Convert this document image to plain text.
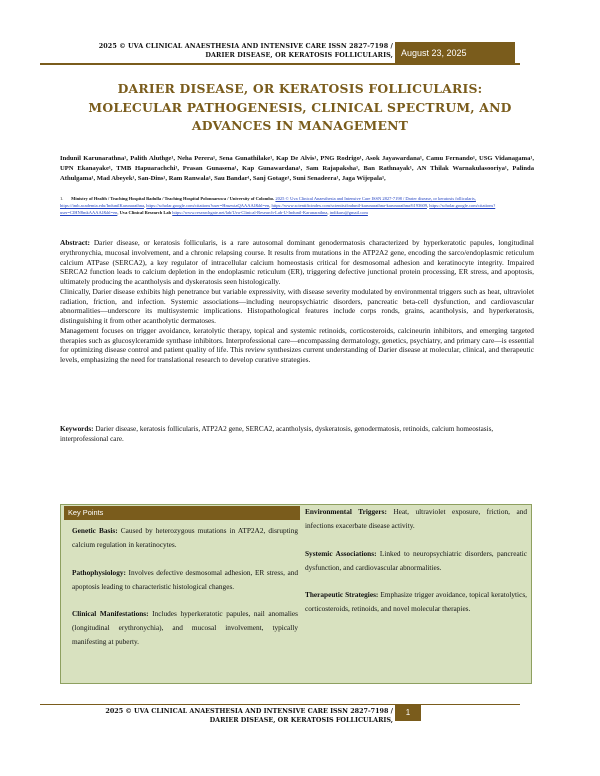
2025 © UVA CLINICAL ANAESTHESIA AND INTENSIVE CARE ISSN 2827-7198 /
DARIER DISEASE, OR KERATOSIS FOLLICULARIS, August 23, 2025
DARIER DISEASE, OR KERATOSIS FOLLICULARIS:
MOLECULAR PATHOGENESIS, CLINICAL SPECTRUM, AND
ADVANCES IN MANAGEMENT
Indunil Karunarathna¹, Palith Aluthge¹, Neha Perera¹, Sena Gunathilake¹, Kap De Alvis¹, PNG Rodrigo¹, Asok Jayawardana¹, Camu Fernando¹, USG Vidanagama¹, UPN Ekanayake¹, TMB Hapuarachchi¹, Prasan Gunasena¹, Kap Gunawardana¹, Sam Rajapaksha¹, Ban Rathnayak¹, AN Thilak Warnakulasooriya¹, Palinda Athulgama¹, Mad Abeyek¹, San-Dins¹, Ram Ranwala¹, Sau Bandar¹, Sanj Gotage¹, Suni Senadeera¹, Jaga Wijepala¹,
1. Ministry of Health / Teaching Hospital Badulla / Teaching Hospital Polonnaruwa / University of Colombo. 2025 © Uva Clinical Anaesthesia and Intensive Care ISSN 2827-7198 / Darier disease, or keratosis follicularis,
https://imb.academia.edu/IndunilKarunarathna, https://scholar.google.com/citations?user=HmzwtaQAAAAJ&hl=en, https://www.scientificindex.com/scientist/indunil-karunarathna-karunarathna/6193609, https://scholar.google.com/citations?user=ClHN8mkAAAAJ&hl=en, Uva Clinical Research Lab https://www.researchgate.net/lab/Uva-Clinical-Research-Lab-U-Indunil-Karunarathna, indikaru@gmail.com

Abstract: Darier disease, or keratosis follicularis, is a rare autosomal dominant genodermatosis characterized by hyperkeratotic papules, longitudinal erythronychia, mucosal involvement, and a chronic relapsing course. It results from mutations in the ATP2A2 gene, encoding the sarco/endoplasmic reticulum calcium ATPase (SERCA2), a key regulator of intracellular calcium homeostasis critical for desmosomal adhesion and keratinocyte integrity. Impaired SERCA2 function leads to calcium depletion in the endoplasmic reticulum (ER), triggering defective junctional protein processing, ER stress, and apoptosis, ultimately producing the acantholysis and dyskeratosis seen histologically.

Clinically, Darier disease exhibits high penetrance but variable expressivity, with disease severity modulated by environmental triggers such as heat, ultraviolet radiation, friction, and infection. Systemic associations—including neuropsychiatric disorders, pancreatic beta-cell dysfunction, and cardiovascular abnormalities—underscore its multisystemic implications. Histopathological features include corps ronds, grains, acantholysis, and hyperkeratosis, distinguishing it from other acantholytic dermatoses.

Management focuses on trigger avoidance, keratolytic therapy, topical and systemic retinoids, corticosteroids, calcineurin inhibitors, and emerging targeted therapies such as glucosylceramide synthase inhibitors. Interprofessional care—encompassing dermatology, genetics, psychiatry, and primary care—is essential for optimizing disease control and patient quality of life. This review synthesizes current understanding of Darier disease at molecular, clinical, and therapeutic levels, emphasizing the need for translational research to develop curative strategies.

Keywords: Darier disease, keratosis follicularis, ATP2A2 gene, SERCA2, acantholysis, dyskeratosis, genodermatosis, retinoids, calcium homeostasis, interprofessional care.
Key Points

Genetic Basis: Caused by heterozygous mutations in ATP2A2, disrupting calcium regulation in keratinocytes.

Pathophysiology: Involves defective desmosomal adhesion, ER stress, and apoptosis leading to characteristic histological changes.

Clinical Manifestations: Includes hyperkeratotic papules, nail anomalies (longitudinal erythronychia), and mucosal involvement, typically manifesting at puberty.

Environmental Triggers: Heat, ultraviolet exposure, friction, and infections exacerbate disease activity.

Systemic Associations: Linked to neuropsychiatric disorders, pancreatic dysfunction, and cardiovascular abnormalities.

Therapeutic Strategies: Emphasize trigger avoidance, topical keratolytics, corticosteroids, retinoids, and novel molecular therapies.

2025 © UVA CLINICAL ANAESTHESIA AND INTENSIVE CARE ISSN 2827-7198 /
DARIER DISEASE, OR KERATOSIS FOLLICULARIS,
1
